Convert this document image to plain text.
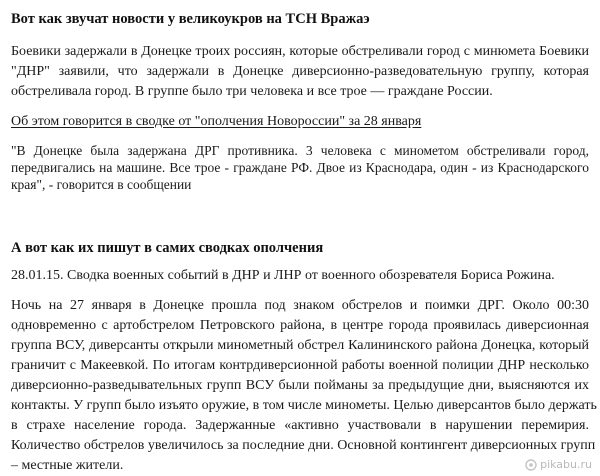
Вот как звучат новости у великоукров на ТСН Вражаэ
Боевики задержали в Донецке троих россиян, которые обстреливали город с минюмета Боевики
"ДНР" заявили, что задержали в Донецке диверсионно-разведовательную группу, которая
обстреливала город. В группе было три человека и все трое — граждане России.
Об этом говорится в сводке от "ополчения Новороссии" за 28 января
"В Донецке была задержана ДРГ противника. 3 человека с минометом обстреливали город,
передвигались на машине. Все трое - граждане РФ. Двое из Краснодара, один - из Краснодарского
края", - говорится в сообщении
А вот как их пишут в самих сводках ополчения
28.01.15. Сводка военных событий в ДНР и ЛНР от военного обозревателя Бориса Рожина.
Ночь на 27 января в Донецке прошла под знаком обстрелов и поимки ДРГ. Около 00:30
одновременно с артобстрелом Петровского района, в центре города проявилась диверсионная
группа ВСУ, диверсанты открыли минометный обстрел Калининского района Донецка, который
граничит с Макеевкой. По итогам контрдиверсионной работы военной полиции ДНР несколько
диверсионно-разведывательных групп ВСУ были пойманы за предыдущие дни, выясняются их
контакты. У групп было изъято оружие, в том числе минометы. Целью диверсантов было держать
в страхе население города. Задержанные «активно участвовали в нарушении перемирия.
Количество обстрелов увеличилось за последние дни. Основной контингент диверсионных групп
– местные жители.	pikabu.ru
